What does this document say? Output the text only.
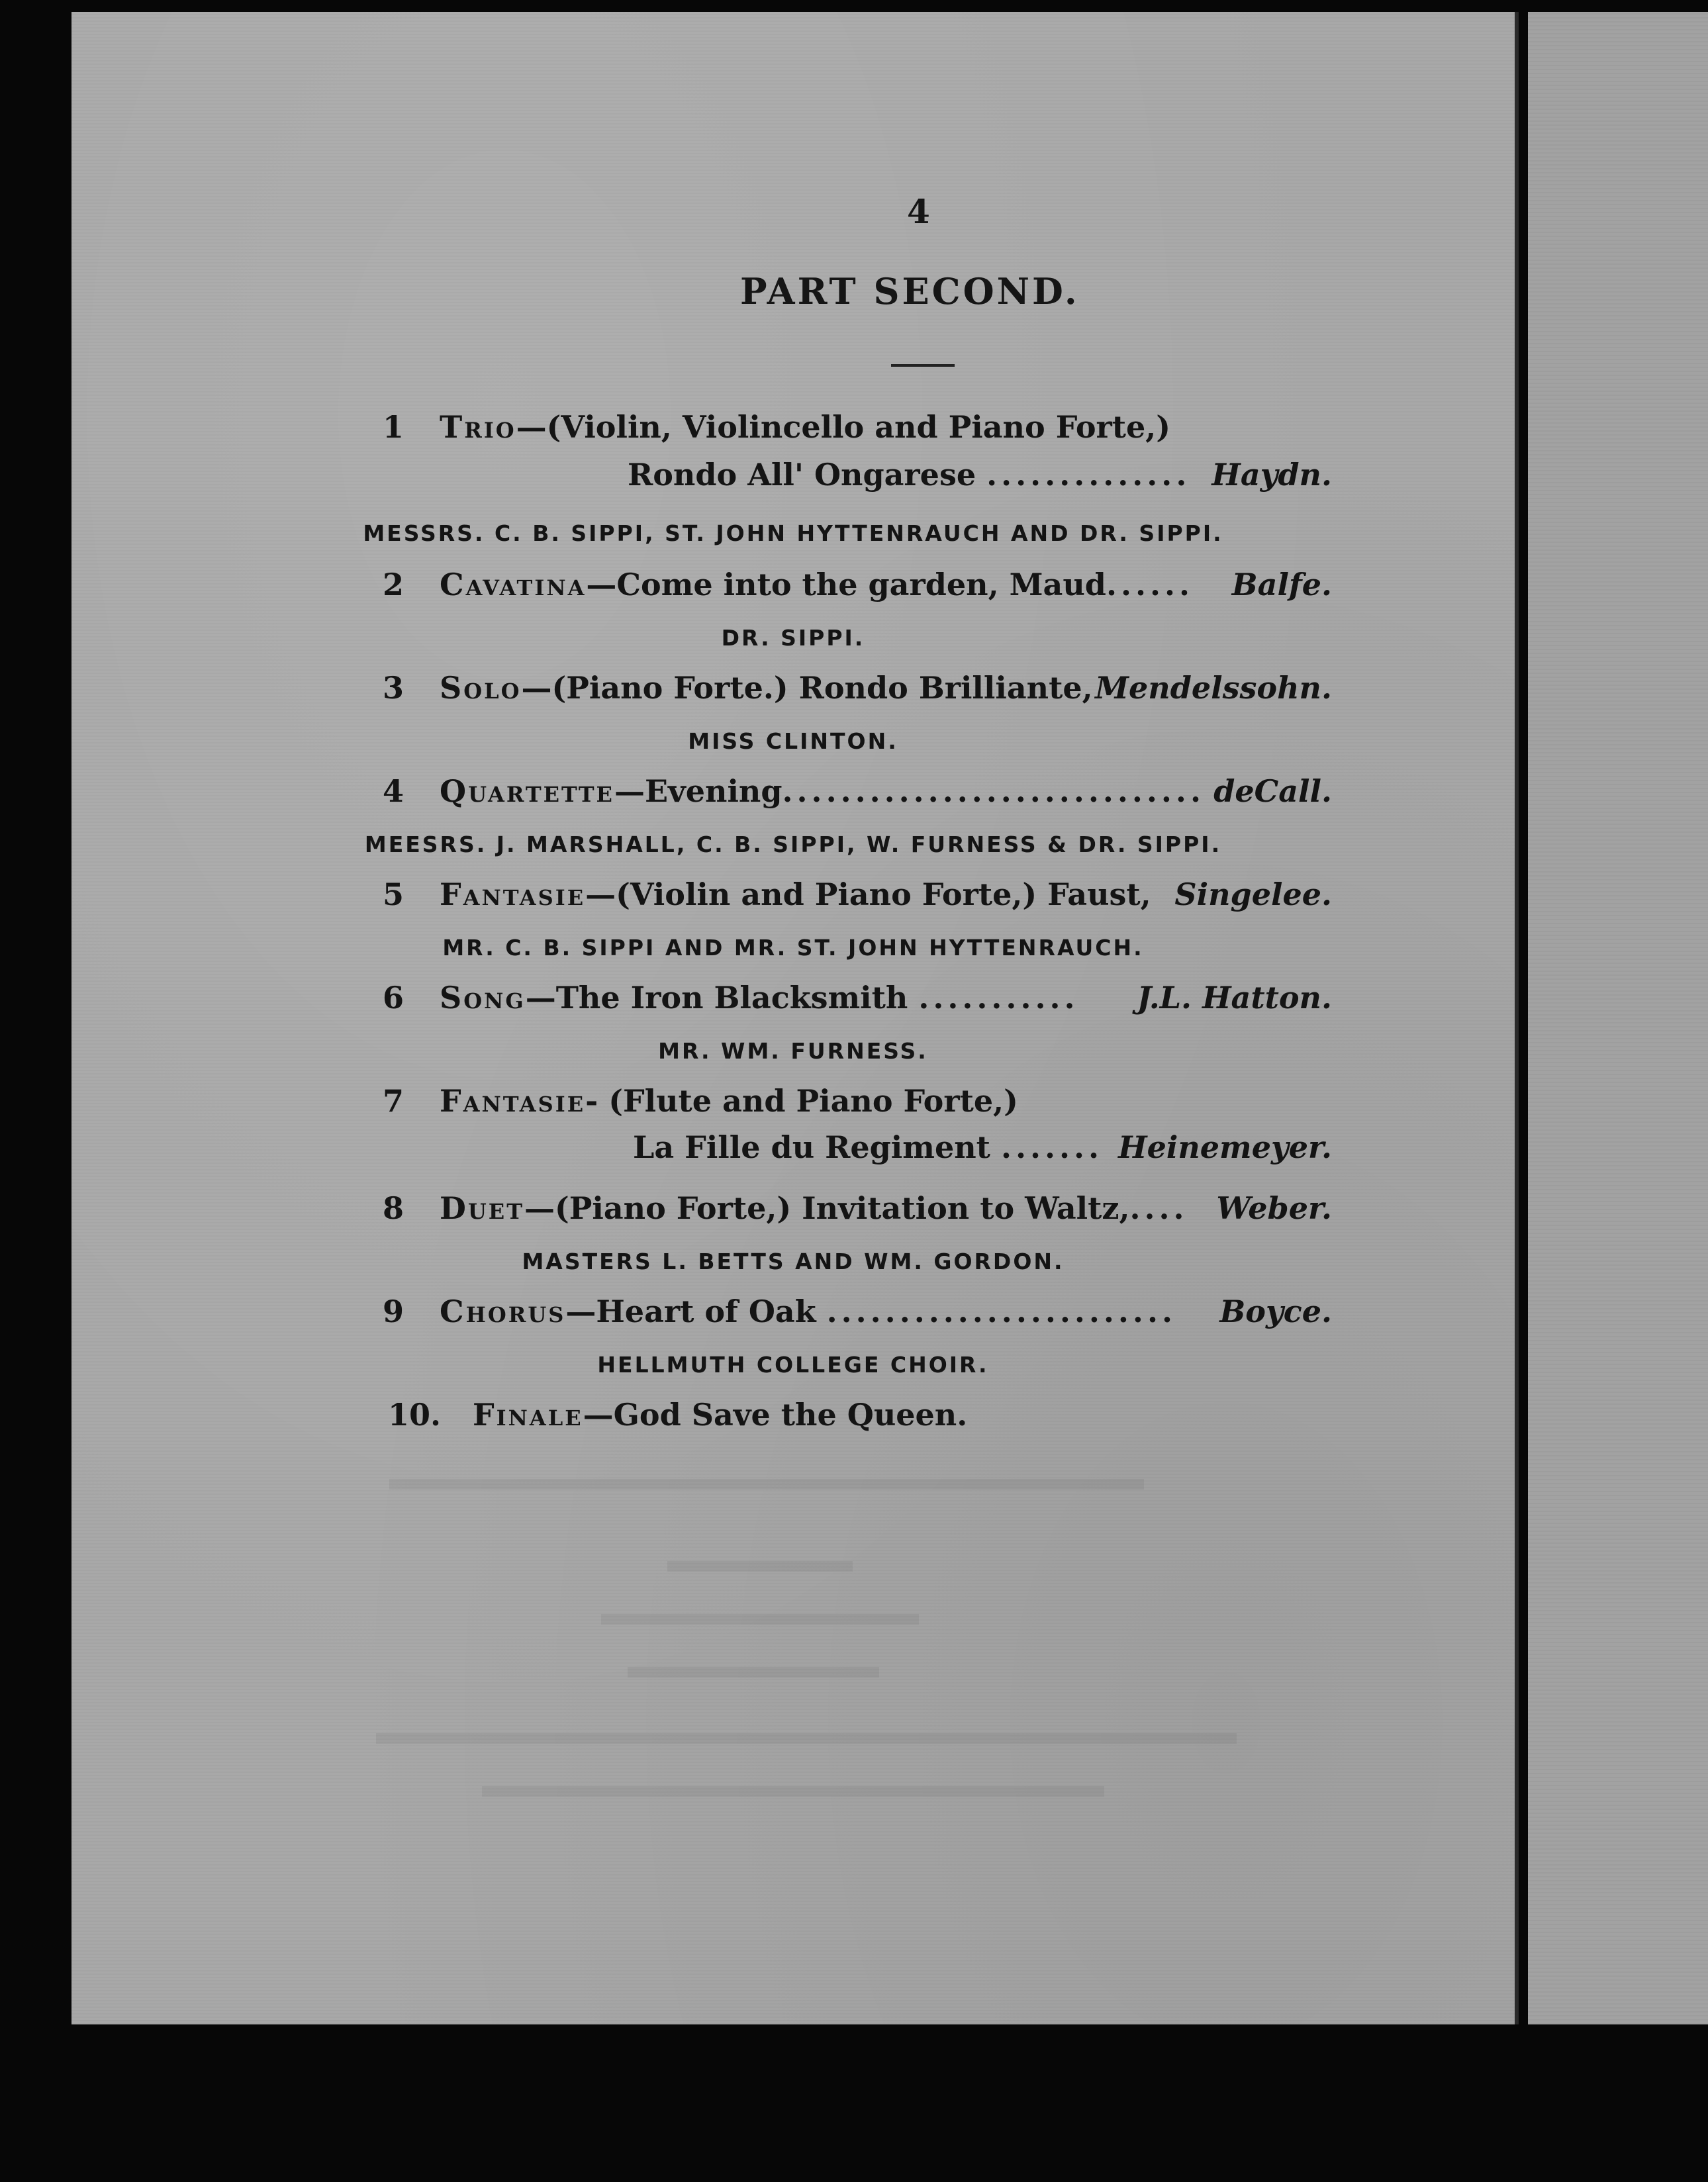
4
PART SECOND.
1 Trio—(Violin, Violincello and Piano Forte,)
Rondo All' Ongarese .............. Haydn.
MESSRS. C. B. SIPPI, ST. JOHN HYTTENRAUCH AND DR. SIPPI.
2 Cavatina—Come into the garden, Maud...... Balfe.
DR. SIPPI.
3 Solo—(Piano Forte.) Rondo Brilliante, Mendelssohn.
MISS CLINTON.
4 Quartette—Evening............................. deCall.
MEESRS. J. MARSHALL, C. B. SIPPI, W. FURNESS & DR. SIPPI.
5 Fantasie—(Violin and Piano Forte,) Faust, Singelee.
MR. C. B. SIPPI AND MR. ST. JOHN HYTTENRAUCH.
6 Song—The Iron Blacksmith ........... J.L. Hatton.
MR. WM. FURNESS.
7 Fantasie- (Flute and Piano Forte,)
La Fille du Regiment ....... Heinemeyer.
8 Duet—(Piano Forte,) Invitation to Waltz,.... Weber.
MASTERS L. BETTS AND WM. GORDON.
9 Chorus—Heart of Oak ........................ Boyce.
HELLMUTH COLLEGE CHOIR.
10. Finale—God Save the Queen.
